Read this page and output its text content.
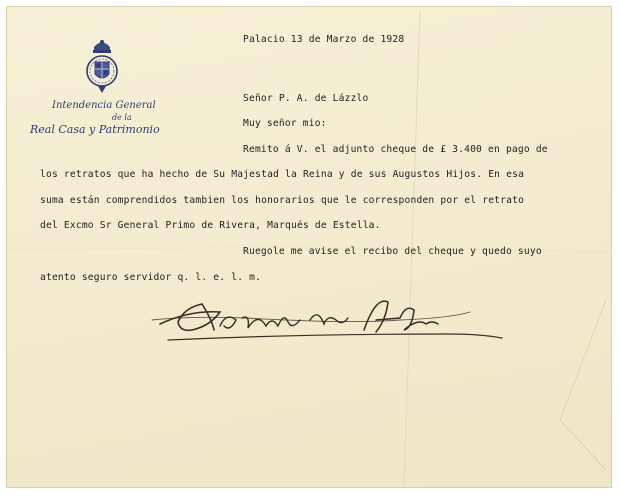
Intendencia General
de la
Real Casa y Patrimonio
Palacio 13 de Marzo de 1928
Señor P. A. de Lázzlo
Muy señor mio:
Remito á V. el adjunto cheque de £ 3.400 en pago de
los retratos que ha hecho de Su Majestad la Reina y de sus Augustos Hijos. En esa
suma están comprendidos tambien los honorarios que le corresponden por el retrato
del Excmo Sr General Primo de Rivera, Marqués de Estella.
Ruegole me avise el recibo del cheque y quedo suyo
atento seguro servidor q. l. e. l. m.
